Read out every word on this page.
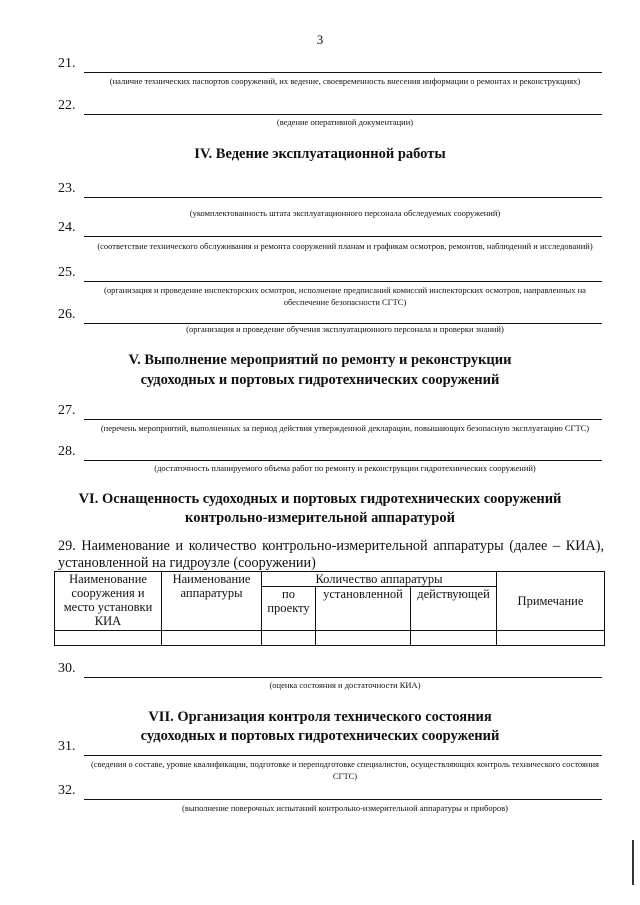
3
21.
(наличие технических паспортов сооружений, их ведение, своевременность внесения информации о ремонтах и реконструкциях)
22.
(ведение оперативной документации)
IV. Ведение эксплуатационной работы
23.
(укомплектованность штата эксплуатационного персонала обследуемых сооружений)
24.
(соответствие технического обслуживания и ремонта сооружений планам и графикам осмотров, ремонтов, наблюдений и исследований)
25.
(организация и проведение инспекторских осмотров, исполнение предписаний комиссий инспекторских осмотров, направленных на обеспечение безопасности СГТС)
26.
(организация и проведение обучения эксплуатационного персонала и проверки знаний)
V. Выполнение мероприятий по ремонту и реконструкции
судоходных и портовых гидротехнических сооружений
27.
(перечень мероприятий, выполненных за период действия утвержденной декларации, повышающих безопасную эксплуатацию СГТС)
28.
(достаточность планируемого объема работ по ремонту и реконструкции гидротехнических сооружений)
VI. Оснащенность судоходных и портовых гидротехнических сооружений
контрольно-измерительной аппаратурой
29. Наименование и количество контрольно-измерительной аппаратуры (далее – КИА), установленной на гидроузле (сооружении)
Наименование сооружения и место установки КИА	Наименование аппаратуры	Количество аппаратуры			Примечание
		по проекту	установленной	действующей	

30.
(оценка состояния и достаточности КИА)
VII. Организация контроля технического состояния
судоходных и портовых гидротехнических сооружений
31.
(сведения о составе, уровне квалификации, подготовке и переподготовке специалистов, осуществляющих контроль технического состояния СГТС)
32.
(выполнение поверочных испытаний контрольно-измерительной аппаратуры и приборов)
